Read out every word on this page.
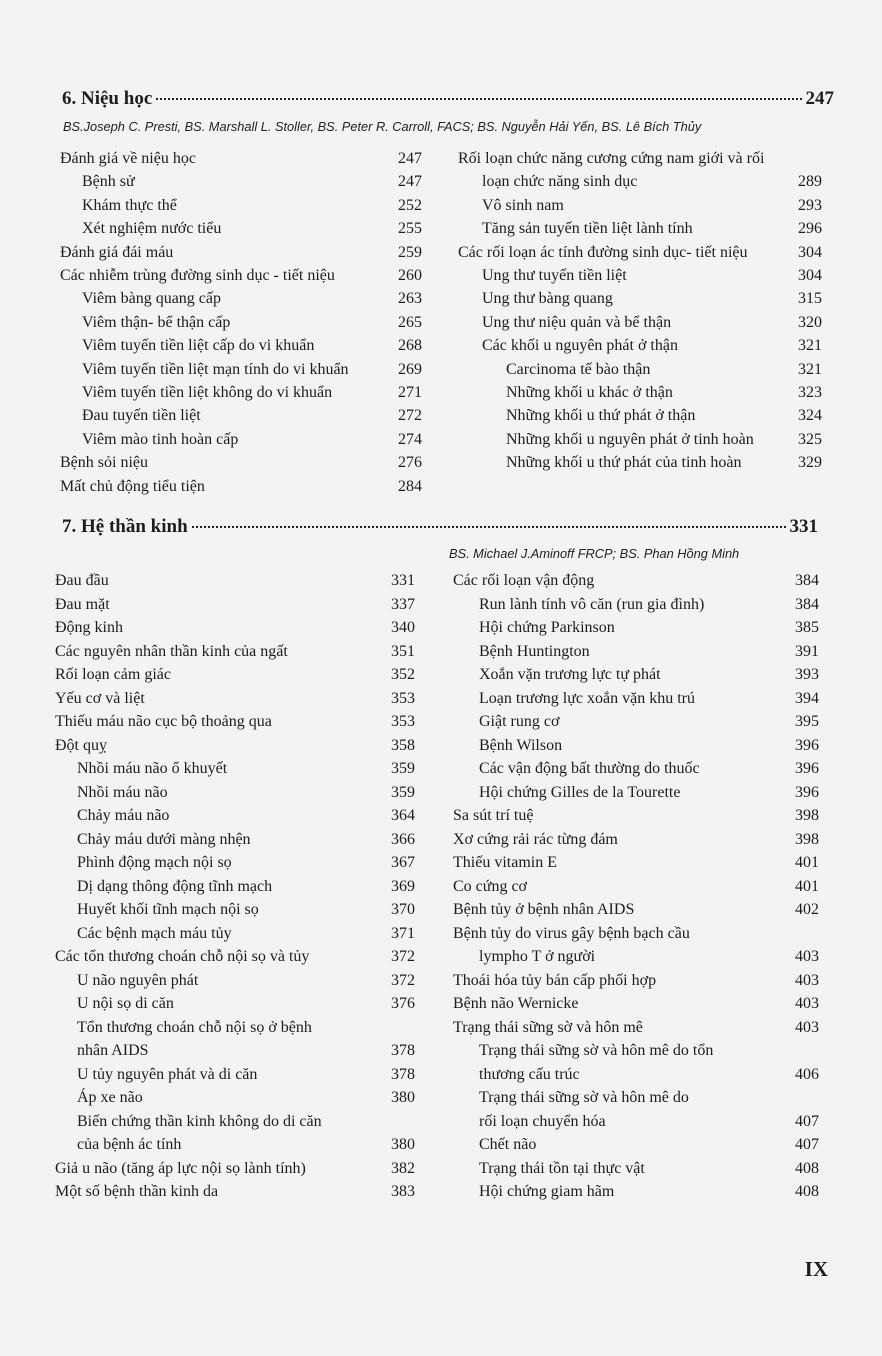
6. Niệu học	247
BS.Joseph C. Presti, BS. Marshall L. Stoller, BS. Peter R. Carroll, FACS; BS. Nguyễn Hải Yến, BS. Lê Bích Thủy
Đánh giá về niệu học	247
Bệnh sử	247
Khám thực thể	252
Xét nghiệm nước tiểu	255
Đánh giá đái máu	259
Các nhiễm trùng đường sinh dục - tiết niệu	260
Viêm bàng quang cấp	263
Viêm thận- bể thận cấp	265
Viêm tuyến tiền liệt cấp do vi khuẩn	268
Viêm tuyến tiền liệt mạn tính do vi khuẩn	269
Viêm tuyến tiền liệt không do vi khuẩn	271
Đau tuyến tiền liệt	272
Viêm mào tinh hoàn cấp	274
Bệnh sỏi niệu	276
Mất chủ động tiểu tiện	284
Rối loạn chức năng cương cứng nam giới và rối
loạn chức năng sinh dục	289
Vô sinh nam	293
Tăng sản tuyến tiền liệt lành tính	296
Các rối loạn ác tính đường sinh dục- tiết niệu	304
Ung thư tuyến tiền liệt	304
Ung thư bàng quang	315
Ung thư niệu quản và bể thận	320
Các khối u nguyên phát ở thận	321
Carcinoma tế bào thận	321
Những khối u khác ở thận	323
Những khối u thứ phát ở thận	324
Những khối u nguyên phát ở tinh hoàn	325
Những khối u thứ phát của tinh hoàn	329
7. Hệ thần kinh	331
BS. Michael J.Aminoff FRCP; BS. Phan Hồng Minh
Đau đầu	331
Đau mặt	337
Động kinh	340
Các nguyên nhân thần kinh của ngất	351
Rối loạn cảm giác	352
Yếu cơ và liệt	353
Thiếu máu não cục bộ thoảng qua	353
Đột quỵ	358
Nhồi máu não ổ khuyết	359
Nhồi máu não	359
Chảy máu não	364
Chảy máu dưới màng nhện	366
Phình động mạch nội sọ	367
Dị dạng thông động tĩnh mạch	369
Huyết khối tĩnh mạch nội sọ	370
Các bệnh mạch máu tủy	371
Các tổn thương choán chỗ nội sọ và tủy	372
U não nguyên phát	372
U nội sọ di căn	376
Tổn thương choán chỗ nội sọ ở bệnh
nhân AIDS	378
U tủy nguyên phát và di căn	378
Áp xe não	380
Biến chứng thần kinh không do di căn
của bệnh ác tính	380
Giả u não (tăng áp lực nội sọ lành tính)	382
Một số bệnh thần kinh da	383
Các rối loạn vận động	384
Run lành tính vô căn (run gia đình)	384
Hội chứng Parkinson	385
Bệnh Huntington	391
Xoắn vặn trương lực tự phát	393
Loạn trương lực xoắn vặn khu trú	394
Giật rung cơ	395
Bệnh Wilson	396
Các vận động bất thường do thuốc	396
Hội chứng Gilles de la Tourette	396
Sa sút trí tuệ	398
Xơ cứng rải rác từng đám	398
Thiếu vitamin E	401
Co cứng cơ	401
Bệnh tủy ở bệnh nhân AIDS	402
Bệnh tủy do virus gây bệnh bạch cầu
lympho T ở người	403
Thoái hóa tủy bán cấp phối hợp	403
Bệnh não Wernicke	403
Trạng thái sững sờ và hôn mê	403
Trạng thái sững sờ và hôn mê do tổn
thương cấu trúc	406
Trạng thái sững sờ và hôn mê do
rối loạn chuyển hóa	407
Chết não	407
Trạng thái tồn tại thực vật	408
Hội chứng giam hãm	408
IX
